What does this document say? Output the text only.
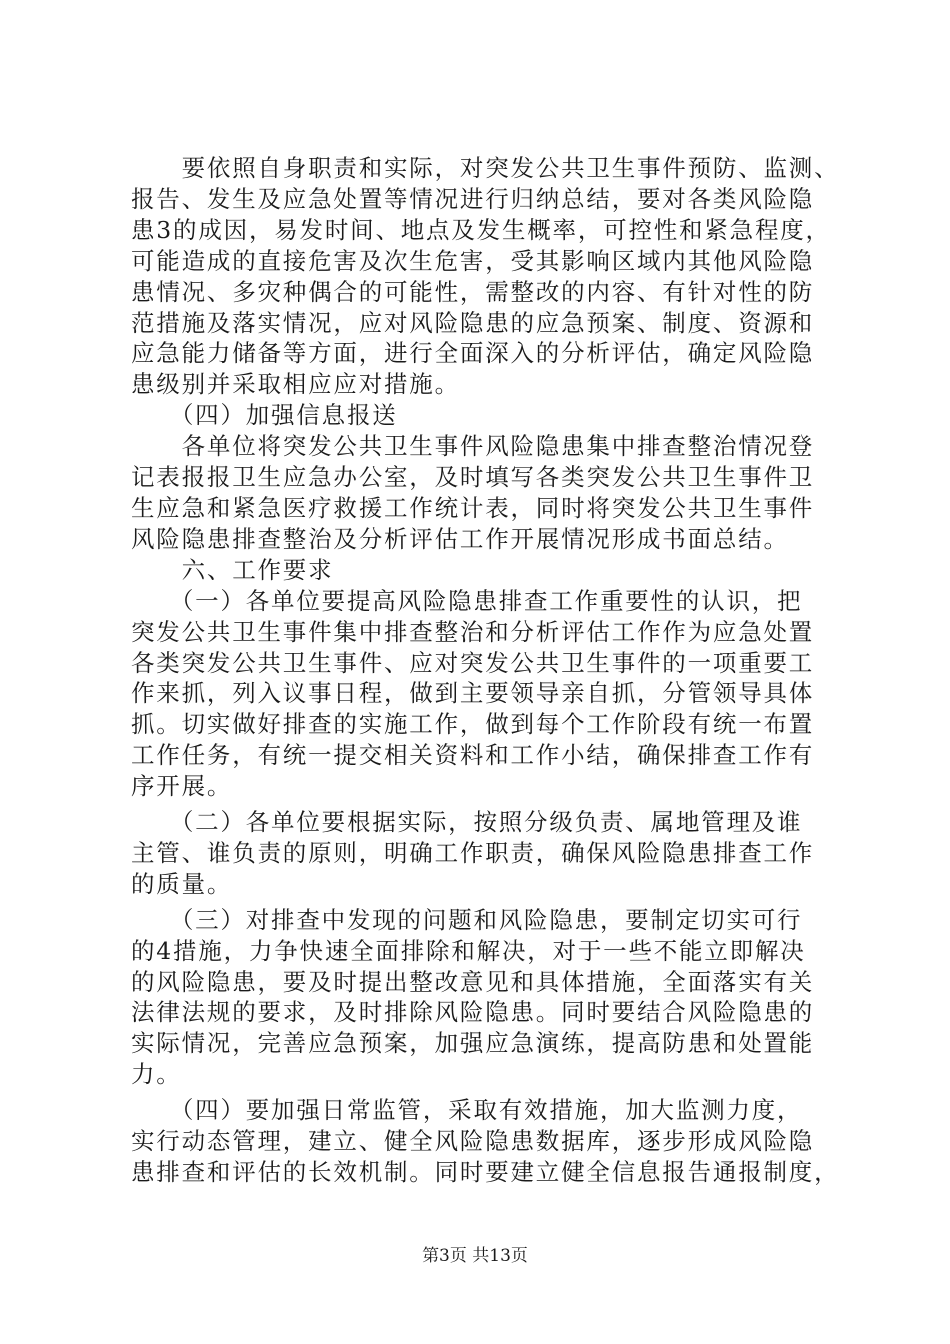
　　要依照自身职责和实际，对突发公共卫生事件预防、监测、

报告、发生及应急处置等情况进行归纳总结，要对各类风险隐

患3的成因，易发时间、地点及发生概率，可控性和紧急程度，

可能造成的直接危害及次生危害，受其影响区域内其他风险隐

患情况、多灾种偶合的可能性，需整改的内容、有针对性的防

范措施及落实情况，应对风险隐患的应急预案、制度、资源和

应急能力储备等方面，进行全面深入的分析评估，确定风险隐

患级别并采取相应应对措施。

　　（四）加强信息报送

　　各单位将突发公共卫生事件风险隐患集中排查整治情况登

记表报报卫生应急办公室，及时填写各类突发公共卫生事件卫

生应急和紧急医疗救援工作统计表，同时将突发公共卫生事件

风险隐患排查整治及分析评估工作开展情况形成书面总结。

　　六、工作要求

　　（一）各单位要提高风险隐患排查工作重要性的认识，把

突发公共卫生事件集中排查整治和分析评估工作作为应急处置

各类突发公共卫生事件、应对突发公共卫生事件的一项重要工

作来抓，列入议事日程，做到主要领导亲自抓，分管领导具体

抓。切实做好排查的实施工作，做到每个工作阶段有统一布置

工作任务，有统一提交相关资料和工作小结，确保排查工作有

序开展。

　　（二）各单位要根据实际，按照分级负责、属地管理及谁

主管、谁负责的原则，明确工作职责，确保风险隐患排查工作

的质量。

　　（三）对排查中发现的问题和风险隐患，要制定切实可行

的4措施，力争快速全面排除和解决，对于一些不能立即解决

的风险隐患，要及时提出整改意见和具体措施，全面落实有关

法律法规的要求，及时排除风险隐患。同时要结合风险隐患的

实际情况，完善应急预案，加强应急演练，提高防患和处置能

力。

　　（四）要加强日常监管，采取有效措施，加大监测力度，

实行动态管理，建立、健全风险隐患数据库，逐步形成风险隐

患排查和评估的长效机制。同时要建立健全信息报告通报制度，

第3页 共13页
